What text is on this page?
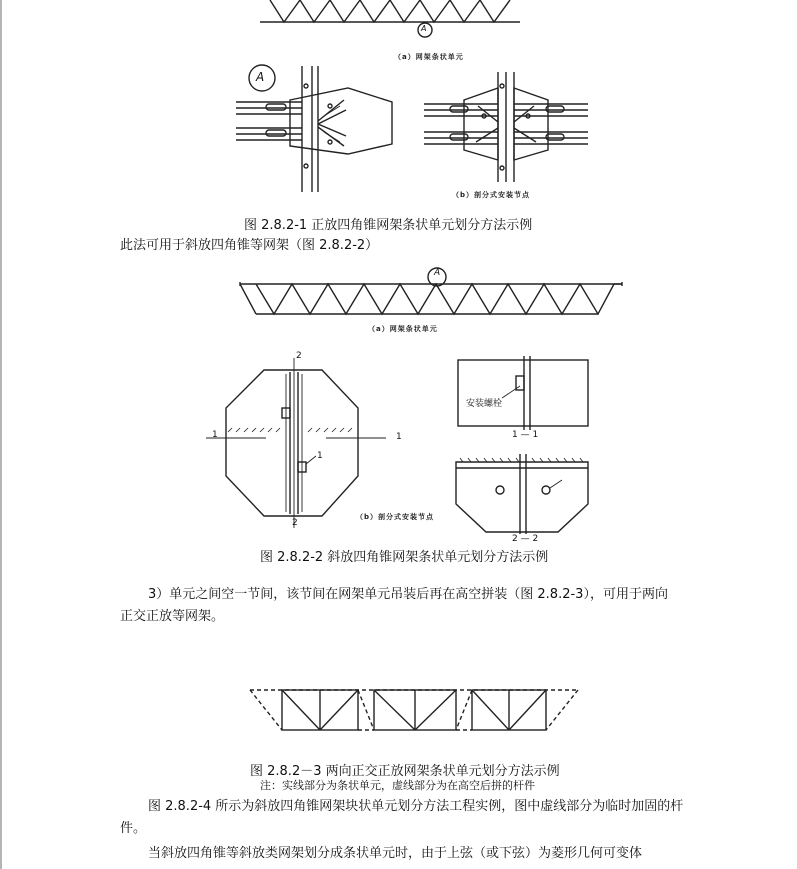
A
（a）网架条状单元
A
（b）剖分式安装节点
图 2.8.2-1 正放四角锥网架条状单元划分方法示例
此法可用于斜放四角锥等网架（图 2.8.2-2）
A
（a）网架条状单元
2
2
1	1
1
（b）剖分式安装节点
安装螺栓
1 — 1
2 — 2
图 2.8.2-2 斜放四角锥网架条状单元划分方法示例
3）单元之间空一节间，该节间在网架单元吊装后再在高空拼装（图 2.8.2-3），可用于两向正交正放等网架。
图 2.8.2－3 两向正交正放网架条状单元划分方法示例
注：实线部分为条状单元，虚线部分为在高空后拼的杆件
图 2.8.2-4 所示为斜放四角锥网架块状单元划分方法工程实例，图中虚线部分为临时加固的杆件。
当斜放四角锥等斜放类网架划分成条状单元时，由于上弦（或下弦）为菱形几何可变体
